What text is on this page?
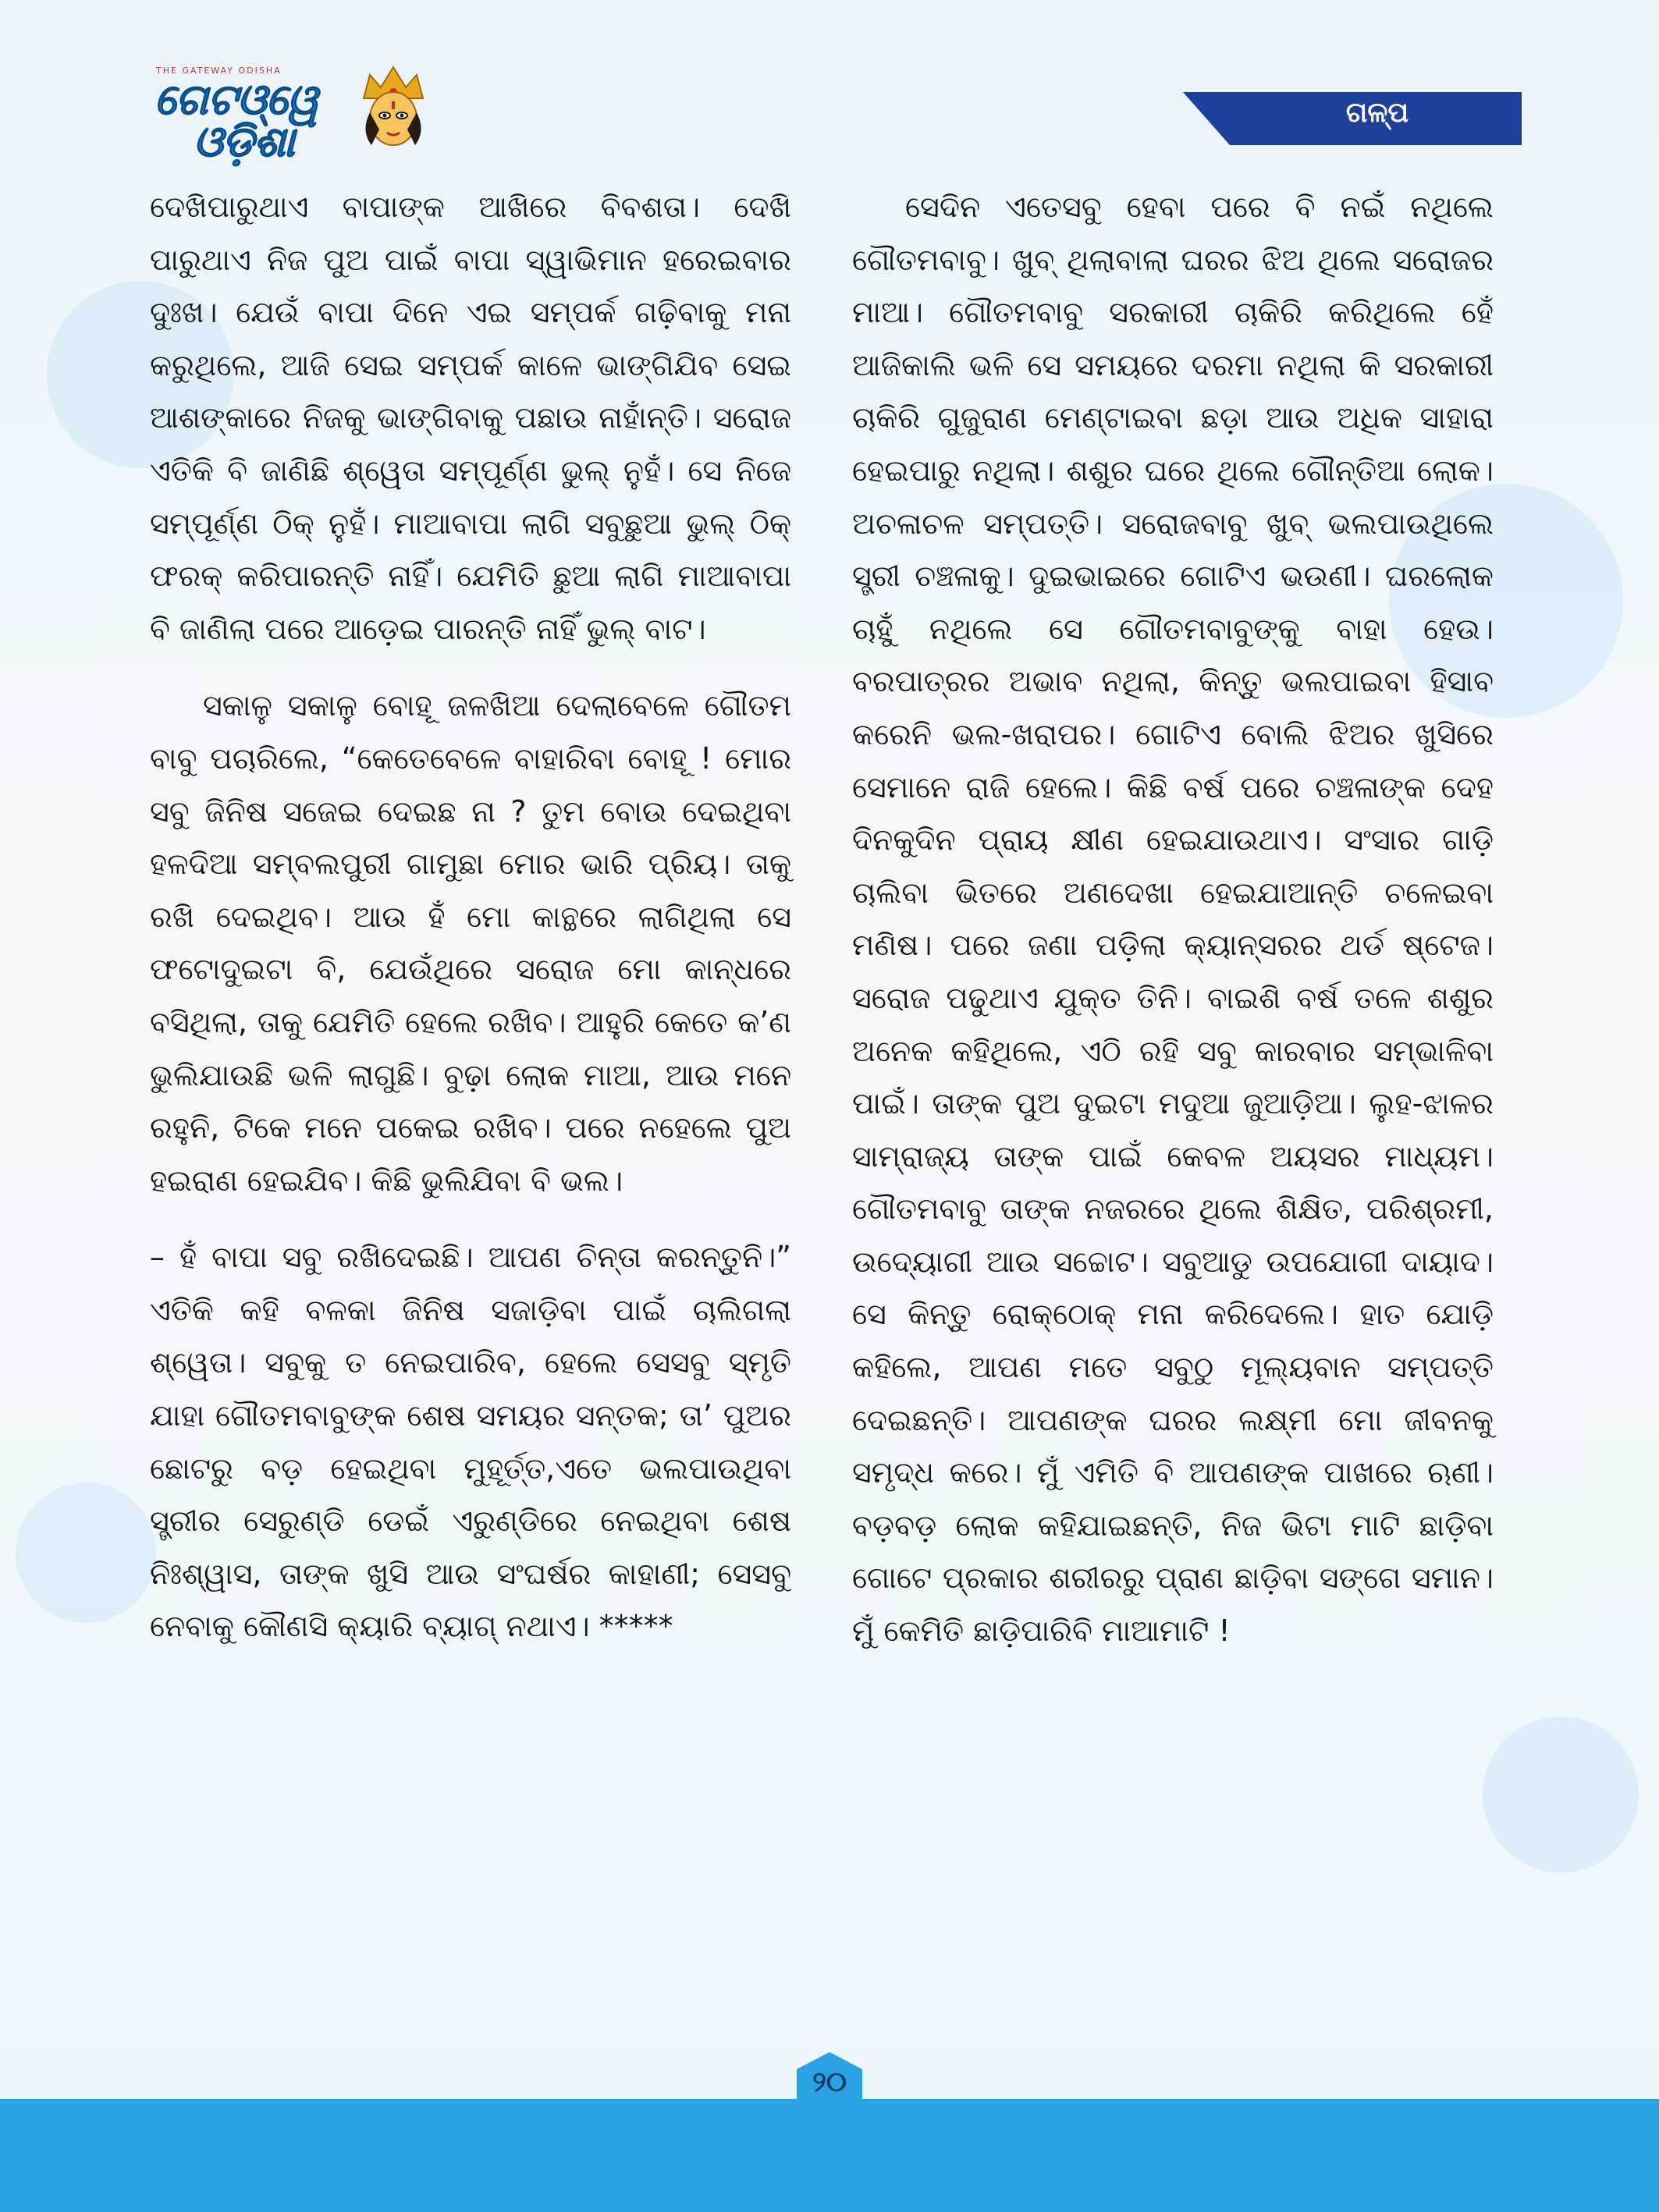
THE GATEWAY ODISHA
ଗେଟଓ୍ୱେ
ଓଡ଼ିଶା
ଗଳ୍ପ

ଦେଖିପାରୁଥାଏ ବାପାଙ୍କ ଆଖିରେ ବିବଶତା। ଦେଖି ପାରୁଥାଏ ନିଜ ପୁଅ ପାଇଁ ବାପା ସ୍ୱାଭିମାନ ହରେଇବାର ଦୁଃଖ। ଯେଉଁ ବାପା ଦିନେ ଏଇ ସମ୍ପର୍କ ଗଢ଼ିବାକୁ ମନା କରୁଥିଲେ, ଆଜି ସେଇ ସମ୍ପର୍କ କାଳେ ଭାଙ୍ଗିଯିବ ସେଇ ଆଶଙ୍କାରେ ନିଜକୁ ଭାଙ୍ଗିବାକୁ ପଛାଉ ନାହାଁନ୍ତି। ସରୋଜ ଏତିକି ବି ଜାଣିଛି ଶ୍ୱେତା ସମ୍ପୂର୍ଣ୍ଣ ଭୁଲ୍ ନୁହଁ। ସେ ନିଜେ ସମ୍ପୂର୍ଣ୍ଣ ଠିକ୍ ନୁହଁ। ମାଆବାପା ଲାଗି ସବୁଛୁଆ ଭୁଲ୍ ଠିକ୍ ଫରକ୍ କରିପାରନ୍ତି ନାହିଁ। ଯେମିତି ଛୁଆ ଲାଗି ମାଆବାପା ବି ଜାଣିଲା ପରେ ଆଡ଼େଇ ପାରନ୍ତି ନାହିଁ ଭୁଲ୍ ବାଟ।

ସକାଳୁ ସକାଳୁ ବୋହୂ ଜଳଖିଆ ଦେଲାବେଳେ ଗୌତମ ବାବୁ ପଚାରିଲେ, “କେତେବେଳେ ବାହାରିବା ବୋହୂ ! ମୋର ସବୁ ଜିନିଷ ସଜେଇ ଦେଇଛ ନା ? ତୁମ ବୋଉ ଦେଇଥିବା ହଳଦିଆ ସମ୍ବଲପୁରୀ ଗାମୁଛା ମୋର ଭାରି ପ୍ରିୟ। ତାକୁ ରଖି ଦେଇଥିବ। ଆଉ ହଁ ମୋ କାନ୍ଥରେ ଲାଗିଥିଲା ସେ ଫଟୋଦୁଇଟା ବି, ଯେଉଁଥିରେ ସରୋଜ ମୋ କାନ୍ଧରେ ବସିଥିଲା, ତାକୁ ଯେମିତି ହେଲେ ରଖିବ। ଆହୁରି କେତେ କ’ଣ ଭୁଲିଯାଉଛି ଭଳି ଲାଗୁଛି। ବୁଢ଼ା ଲୋକ ମାଆ, ଆଉ ମନେ ରହୁନି, ଟିକେ ମନେ ପକେଇ ରଖିବ। ପରେ ନହେଲେ ପୁଅ ହଇରାଣ ହେଇଯିବ। କିଛି ଭୁଲିଯିବା ବି ଭଲ।

– ହଁ ବାପା ସବୁ ରଖିଦେଇଛି। ଆପଣ ଚିନ୍ତା କରନ୍ତୁନି।” ଏତିକି କହି ବଳକା ଜିନିଷ ସଜାଡ଼ିବା ପାଇଁ ଚାଲିଗଲା ଶ୍ୱେତା। ସବୁକୁ ତ ନେଇପାରିବ, ହେଲେ ସେସବୁ ସ୍ମୃତି ଯାହା ଗୌତମବାବୁଙ୍କ ଶେଷ ସମୟର ସନ୍ତକ; ତା’ ପୁଅର ଛୋଟରୁ ବଡ଼ ହେଇଥିବା ମୁହୂର୍ତ୍ତ,ଏତେ ଭଲପାଉଥିବା ସ୍ତ୍ରୀର ସେରୁଣ୍ଡି ଡେଇଁ ଏରୁଣ୍ଡିରେ ନେଇଥିବା ଶେଷ ନିଃଶ୍ୱାସ, ତାଙ୍କ ଖୁସି ଆଉ ସଂଘର୍ଷର କାହାଣୀ; ସେସବୁ ନେବାକୁ କୌଣସି କ୍ୟାରି ବ୍ୟାଗ୍ ନଥାଏ। *****

ସେଦିନ ଏତେସବୁ ହେବା ପରେ ବି ନଇଁ ନଥିଲେ ଗୌତମବାବୁ। ଖୁବ୍ ଥିଲାବାଲା ଘରର ଝିଅ ଥିଲେ ସରୋଜର ମାଆ। ଗୌତମବାବୁ ସରକାରୀ ଚାକିରି କରିଥିଲେ ହେଁ ଆଜିକାଲି ଭଳି ସେ ସମୟରେ ଦରମା ନଥିଲା କି ସରକାରୀ ଚାକିରି ଗୁଜୁରାଣ ମେଣ୍ଟାଇବା ଛଡ଼ା ଆଉ ଅଧିକ ସାହାରା ହେଇପାରୁ ନଥିଲା। ଶଶୁର ଘରେ ଥିଲେ ଗୌନ୍ତିଆ ଲୋକ। ଅଚଳାଚଳ ସମ୍ପତ୍ତି। ସରୋଜବାବୁ ଖୁବ୍ ଭଲପାଉଥିଲେ ସ୍ତ୍ରୀ ଚଞ୍ଚଳାକୁ। ଦୁଇଭାଇରେ ଗୋଟିଏ ଭଉଣୀ। ଘରଲୋକ ଚାହୁଁ ନଥିଲେ ସେ ଗୌତମବାବୁଙ୍କୁ ବାହା ହେଉ। ବରପାତ୍ରର ଅଭାବ ନଥିଲା, କିନ୍ତୁ ଭଲପାଇବା ହିସାବ କରେନି ଭଲ-ଖରାପର। ଗୋଟିଏ ବୋଲି ଝିଅର ଖୁସିରେ ସେମାନେ ରାଜି ହେଲେ। କିଛି ବର୍ଷ ପରେ ଚଞ୍ଚଳାଙ୍କ ଦେହ ଦିନକୁଦିନ ପ୍ରାୟ କ୍ଷୀଣ ହେଇଯାଉଥାଏ। ସଂସାର ଗାଡ଼ି ଚାଲିବା ଭିତରେ ଅଣଦେଖା ହେଇଯାଆନ୍ତି ଚଳେଇବା ମଣିଷ। ପରେ ଜଣା ପଡ଼ିଲା କ୍ୟାନ୍ସରର ଥର୍ଡ ଷ୍ଟେଜ। ସରୋଜ ପଢୁଥାଏ ଯୁକ୍ତ ତିନି। ବାଇଶି ବର୍ଷ ତଳେ ଶଶୁର ଅନେକ କହିଥିଲେ, ଏଠି ରହି ସବୁ କାରବାର ସମ୍ଭାଳିବା ପାଇଁ। ତାଙ୍କ ପୁଅ ଦୁଇଟା ମଦୁଆ ଜୁଆଡ଼ିଆ। ଲୁହ-ଝାଳର ସାମ୍ରାଜ୍ୟ ତାଙ୍କ ପାଇଁ କେବଳ ଅୟସର ମାଧ୍ୟମ। ଗୌତମବାବୁ ତାଙ୍କ ନଜରରେ ଥିଲେ ଶିକ୍ଷିତ, ପରିଶ୍ରମୀ, ଉଦ୍ୟୋଗୀ ଆଉ ସଚ୍ଚୋଟ। ସବୁଆଡୁ ଉପଯୋଗୀ ଦାୟାଦ। ସେ କିନ୍ତୁ ରୋକ୍‌ଠୋକ୍ ମନା କରିଦେଲେ। ହାତ ଯୋଡ଼ି କହିଲେ, ଆପଣ ମତେ ସବୁଠୁ ମୂଲ୍ୟବାନ ସମ୍ପତ୍ତି ଦେଇଛନ୍ତି। ଆପଣଙ୍କ ଘରର ଲକ୍ଷ୍ମୀ ମୋ ଜୀବନକୁ ସମୃଦ୍ଧ କରେ। ମୁଁ ଏମିତି ବି ଆପଣଙ୍କ ପାଖରେ ଋଣୀ। ବଡ଼ବଡ଼ ଲୋକ କହିଯାଇଛନ୍ତି, ନିଜ ଭିଟା ମାଟି ଛାଡ଼ିବା ଗୋଟେ ପ୍ରକାର ଶରୀରରୁ ପ୍ରାଣ ଛାଡ଼ିବା ସଙ୍ଗେ ସମାନ। ମୁଁ କେମିତି ଛାଡ଼ିପାରିବି ମାଆମାଟି !

୨୦
